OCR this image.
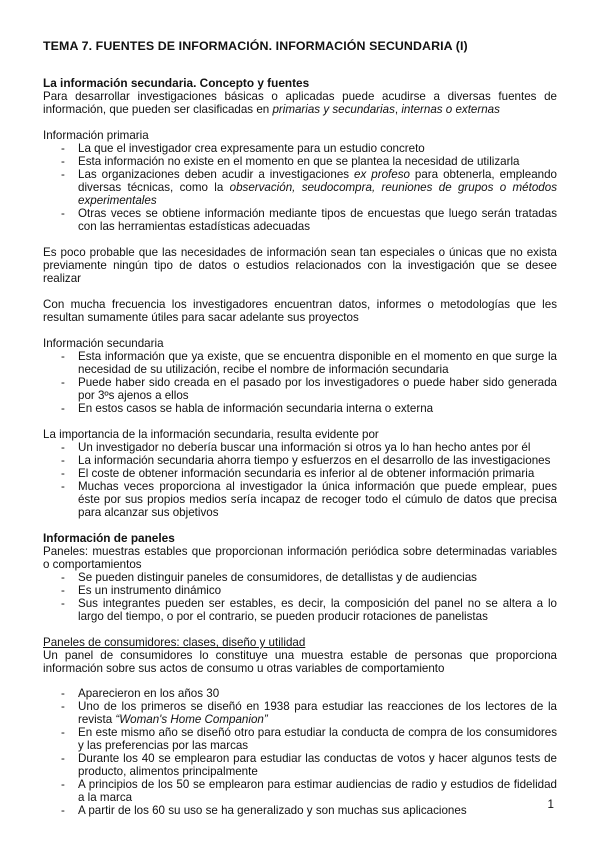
TEMA 7. FUENTES DE INFORMACIÓN. INFORMACIÓN SECUNDARIA (I)
La información secundaria. Concepto y fuentes

Para desarrollar investigaciones básicas o aplicadas puede acudirse a diversas fuentes de información, que pueden ser clasificadas en primarias y secundarias, internas o externas

Información primaria

- La que el investigador crea expresamente para un estudio concreto
- Esta información no existe en el momento en que se plantea la necesidad de utilizarla
- Las organizaciones deben acudir a investigaciones ex profeso para obtenerla, empleando diversas técnicas, como la observación, seudocompra, reuniones de grupos o métodos experimentales
- Otras veces se obtiene información mediante tipos de encuestas que luego serán tratadas con las herramientas estadísticas adecuadas

Es poco probable que las necesidades de información sean tan especiales o únicas que no exista previamente ningún tipo de datos o estudios relacionados con la investigación que se desee realizar

Con mucha frecuencia los investigadores encuentran datos, informes o metodologías que les resultan sumamente útiles para sacar adelante sus proyectos

Información secundaria

- Esta información que ya existe, que se encuentra disponible en el momento en que surge la necesidad de su utilización, recibe el nombre de información secundaria
- Puede haber sido creada en el pasado por los investigadores o puede haber sido generada por 3ºs ajenos a ellos
- En estos casos se habla de información secundaria interna o externa

La importancia de la información secundaria, resulta evidente por

- Un investigador no debería buscar una información si otros ya lo han hecho antes por él
- La información secundaria ahorra tiempo y esfuerzos en el desarrollo de las investigaciones
- El coste de obtener información secundaria es inferior al de obtener información primaria
- Muchas veces proporciona al investigador la única información que puede emplear, pues éste por sus propios medios sería incapaz de recoger todo el cúmulo de datos que precisa para alcanzar sus objetivos
Información de paneles

Paneles: muestras estables que proporcionan información periódica sobre determinadas variables o comportamientos

- Se pueden distinguir paneles de consumidores, de detallistas y de audiencias
- Es un instrumento dinámico
- Sus integrantes pueden ser estables, es decir, la composición del panel no se altera a lo largo del tiempo, o por el contrario, se pueden producir rotaciones de panelistas

Paneles de consumidores: clases, diseño y utilidad

Un panel de consumidores lo constituye una muestra estable de personas que proporciona información sobre sus actos de consumo u otras variables de comportamiento

- Aparecieron en los años 30
- Uno de los primeros se diseñó en 1938 para estudiar las reacciones de los lectores de la revista “Woman's Home Companion”
- En este mismo año se diseñó otro para estudiar la conducta de compra de los consumidores y las preferencias por las marcas
- Durante los 40 se emplearon para estudiar las conductas de votos y hacer algunos tests de producto, alimentos principalmente
- A principios de los 50 se emplearon para estimar audiencias de radio y estudios de fidelidad a la marca
- A partir de los 60 su uso se ha generalizado y son muchas sus aplicaciones	1
